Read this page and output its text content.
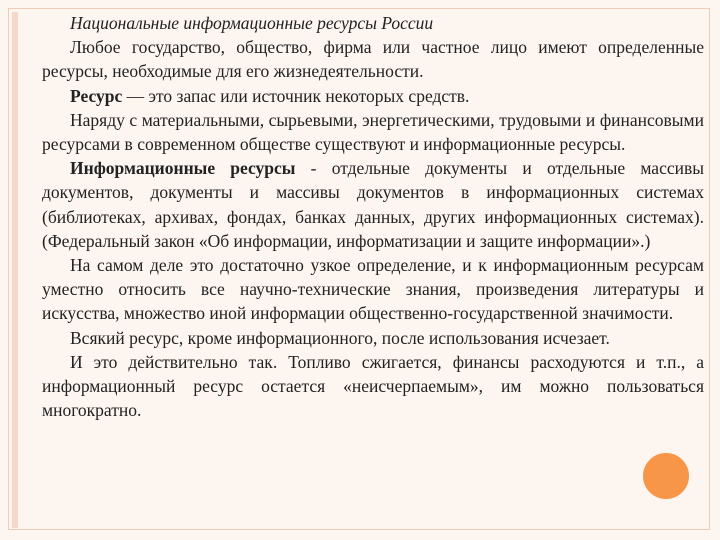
Национальные информационные ресурсы России

Любое государство, общество, фирма или частное лицо имеют определенные ресурсы, необходимые для его жизнедеятельности.

Ресурс — это запас или источник некоторых средств.

Наряду с материальными, сырьевыми, энергетическими, трудовыми и финансовыми ресурсами в современном обществе существуют и информационные ресурсы.

Информационные ресурсы - отдельные документы и отдельные массивы документов, документы и массивы документов в информационных системах (библиотеках, архивах, фондах, банках данных, других информационных системах). (Федеральный закон «Об информации, информатизации и защите информации».)

На самом деле это достаточно узкое определение, и к информационным ресурсам уместно относить все научно-технические знания, произведения литературы и искусства, множество иной информации общественно-государственной значимости.

Всякий ресурс, кроме информационного, после использования исчезает.

И это действительно так. Топливо сжигается, финансы расходуются и т.п., а информационный ресурс остается «неисчерпаемым», им можно пользоваться многократно.
